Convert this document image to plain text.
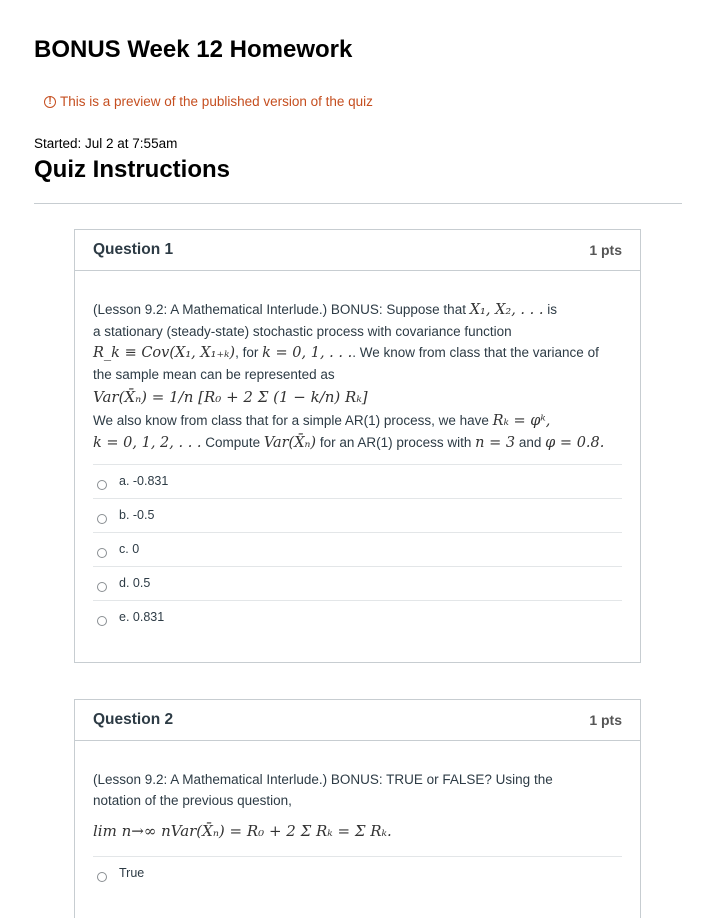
BONUS Week 12 Homework
! This is a preview of the published version of the quiz
Started: Jul 2 at 7:55am
Quiz Instructions
Question 1	1 pts
(Lesson 9.2: A Mathematical Interlude.) BONUS: Suppose that X₁, X₂, . . . is
a stationary (steady-state) stochastic process with covariance function
R_k ≡ Cov(X₁, X₁₊ₖ), for k = 0, 1, . . .. We know from class that the variance of
the sample mean can be represented as
Var(X̄ₙ) = 1/n [R₀ + 2 Σ (1 − k/n) Rₖ]
We also know from class that for a simple AR(1) process, we have Rₖ = φᵏ,
k = 0, 1, 2, . . . Compute Var(X̄ₙ) for an AR(1) process with n = 3 and φ = 0.8.
a. -0.831
b. -0.5
c. 0
d. 0.5
e. 0.831
Question 2	1 pts
(Lesson 9.2: A Mathematical Interlude.) BONUS: TRUE or FALSE? Using the
notation of the previous question,
lim n→∞ nVar(X̄ₙ) = R₀ + 2 Σ Rₖ = Σ Rₖ.
True
